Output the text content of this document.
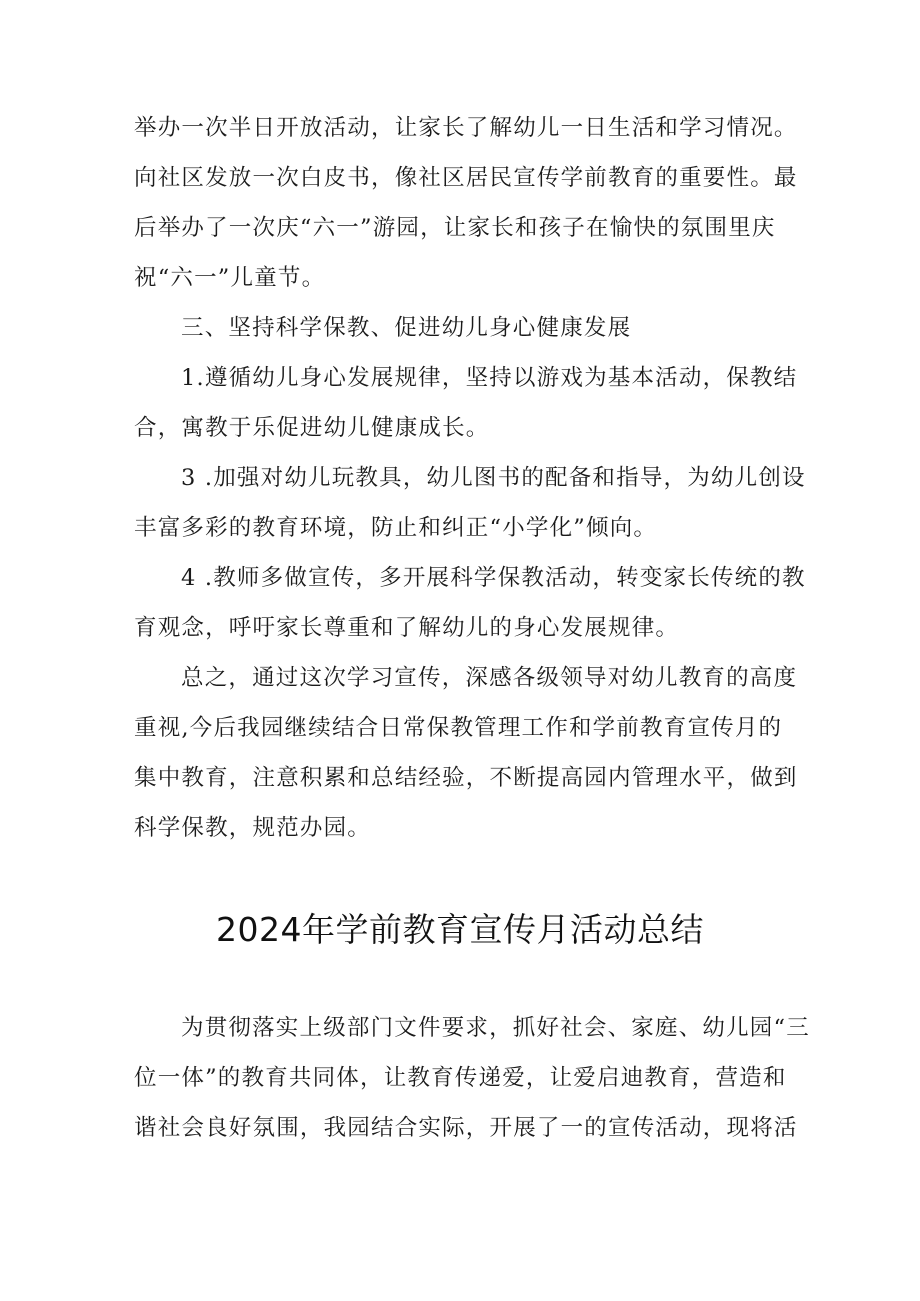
举办一次半日开放活动，让家长了解幼儿一日生活和学习情况。
向社区发放一次白皮书，像社区居民宣传学前教育的重要性。最
后举办了一次庆“六一”游园，让家长和孩子在愉快的氛围里庆
祝“六一”儿童节。
三、坚持科学保教、促进幼儿身心健康发展
1.遵循幼儿身心发展规律，坚持以游戏为基本活动，保教结
合，寓教于乐促进幼儿健康成长。
3 .加强对幼儿玩教具，幼儿图书的配备和指导，为幼儿创设
丰富多彩的教育环境，防止和纠正“小学化”倾向。
4 .教师多做宣传，多开展科学保教活动，转变家长传统的教
育观念，呼吁家长尊重和了解幼儿的身心发展规律。
总之，通过这次学习宣传，深感各级领导对幼儿教育的高度
重视,今后我园继续结合日常保教管理工作和学前教育宣传月的
集中教育，注意积累和总结经验，不断提高园内管理水平，做到
科学保教，规范办园。
2024年学前教育宣传月活动总结
为贯彻落实上级部门文件要求，抓好社会、家庭、幼儿园“三
位一体”的教育共同体，让教育传递爱，让爱启迪教育，营造和
谐社会良好氛围，我园结合实际，开展了一的宣传活动，现将活
